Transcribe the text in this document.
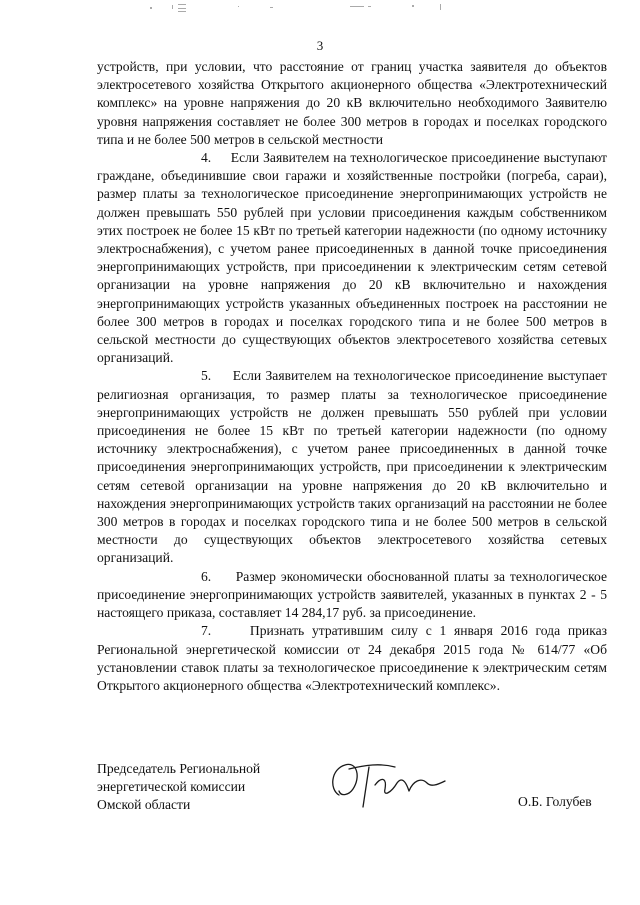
3

устройств, при условии, что расстояние от границ участка заявителя до объектов электросетевого хозяйства Открытого акционерного общества «Электротехнический комплекс» на уровне напряжения до 20 кВ включительно необходимого Заявителю уровня напряжения составляет не более 300 метров в городах и поселках городского типа и не более 500 метров в сельской местности

4. Если Заявителем на технологическое присоединение выступают граждане, объединившие свои гаражи и хозяйственные постройки (погреба, сараи), размер платы за технологическое присоединение энергопринимающих устройств не должен превышать 550 рублей при условии присоединения каждым собственником этих построек не более 15 кВт по третьей категории надежности (по одному источнику электроснабжения), с учетом ранее присоединенных в данной точке присоединения энергопринимающих устройств, при присоединении к электрическим сетям сетевой организации на уровне напряжения до 20 кВ включительно и нахождения энергопринимающих устройств указанных объединенных построек на расстоянии не более 300 метров в городах и поселках городского типа и не более 500 метров в сельской местности до существующих объектов электросетевого хозяйства сетевых организаций.

5. Если Заявителем на технологическое присоединение выступает религиозная организация, то размер платы за технологическое присоединение энергопринимающих устройств не должен превышать 550 рублей при условии присоединения не более 15 кВт по третьей категории надежности (по одному источнику электроснабжения), с учетом ранее присоединенных в данной точке присоединения энергопринимающих устройств, при присоединении к электрическим сетям сетевой организации на уровне напряжения до 20 кВ включительно и нахождения энергопринимающих устройств таких организаций на расстоянии не более 300 метров в городах и поселках городского типа и не более 500 метров в сельской местности до существующих объектов электросетевого хозяйства сетевых организаций.

6. Размер экономически обоснованной платы за технологическое присоединение энергопринимающих устройств заявителей, указанных в пунктах 2 - 5 настоящего приказа, составляет 14 284,17 руб. за присоединение.

7.	Признать утратившим силу с 1 января 2016 года приказ Региональной энергетической комиссии от 24 декабря 2015 года № 614/77 «Об установлении ставок платы за технологическое присоединение к электрическим сетям Открытого акционерного общества «Электротехнический комплекс».

Председатель Региональной
энергетической комиссии
Омской области	О.Б. Голубев
